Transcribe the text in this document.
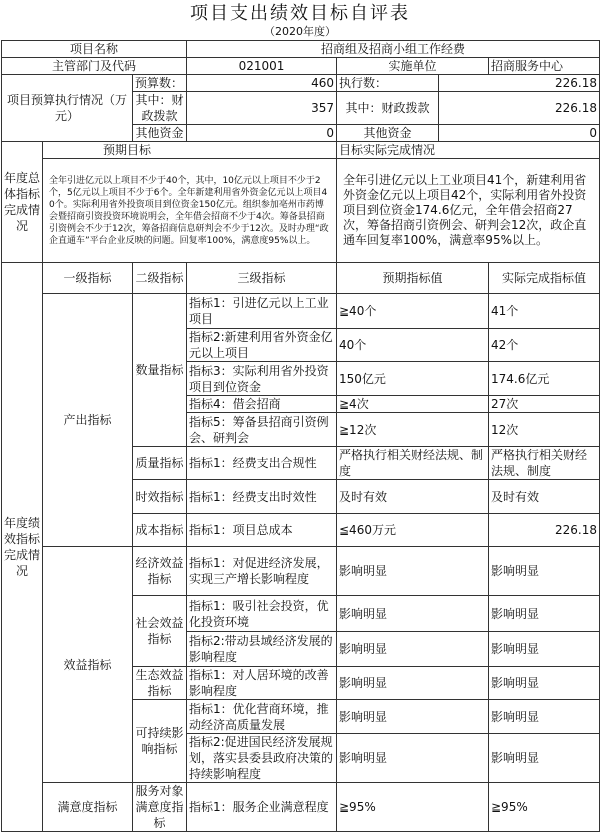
项目支出绩效目标自评表
（2020年度）
项目名称			招商组及招商小组工作经费			
主管部门及代码			021001	实施单位		招商服务中心
项目预算执行情况（万元）		预算数：	460	执行数：	226.18	
		其中：财政拨款	357	其中：财政拨款	226.18	
		其他资金	0	其他资金	0	
年度总体指标完成情况	预期目标			目标实际完成情况		
	全年引进亿元以上项目不少于40个，其中，10亿元以上项目不少于2个，5亿元以上项目不少于6个。全年新建利用省外资金亿元以上项目40个。实际利用省外投资项目到位资金150亿元。组织参加亳州市药博会暨招商引资投资环境说明会，全年借会招商不少于4次。筹备县招商引资例会不少于12次，筹备招商信息研判会不少于12次。及时办理“政企直通车”平台企业反映的问题。回复率100%，满意度95%以上。			全年引进亿元以上工业项目41个，新建利用省外资金亿元以上项目42个，实际利用省外投资项目到位资金174.6亿元，全年借会招商27次，筹备招商引资例会、研判会12次，政企直通车回复率100%，满意率95%以上。		
年度绩效指标完成情况	一级指标	二级指标	三级指标	预期指标值		实际完成指标值
	产出指标	数量指标	指标1：引进亿元以上工业项目	≧40个		41个
			指标2:新建利用省外资金亿元以上项目	40个		42个
			指标3：实际利用省外投资项目到位资金	150亿元		174.6亿元
			指标4：借会招商	≧4次		27次
			指标5：筹备县招商引资例会、研判会	≧12次		12次
		质量指标	指标1：经费支出合规性	严格执行相关财经法规、制度		严格执行相关财经法规、制度
		时效指标	指标1：经费支出时效性	及时有效		及时有效
		成本指标	指标1：项目总成本	≦460万元		226.18
	效益指标	经济效益指标	指标1：对促进经济发展，实现三产增长影响程度	影响明显		影响明显
		社会效益指标	指标1：吸引社会投资，优化投资环境	影响明显		影响明显
			指标2:带动县域经济发展的影响程度	影响明显		影响明显
		生态效益指标	指标1：对人居环境的改善影响程度	影响明显		影响明显
		可持续影响指标	指标1：优化营商环境，推动经济高质量发展	影响明显		影响明显
			指标2:促进国民经济发展规划，落实县委县政府决策的持续影响程度	影响明显		影响明显
	满意度指标	服务对象满意度指标	指标1：服务企业满意程度	≧95%		≧95%
